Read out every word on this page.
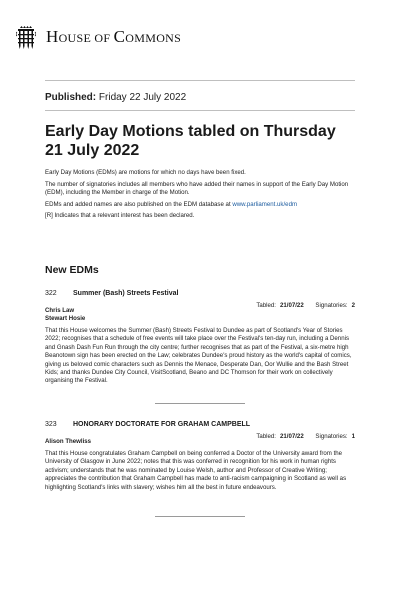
HOUSE OF COMMONS
Published: Friday 22 July 2022
Early Day Motions tabled on Thursday 21 July 2022

Early Day Motions (EDMs) are motions for which no days have been fixed.

The number of signatories includes all members who have added their names in support of the Early Day Motion (EDM), including the Member in charge of the Motion.

EDMs and added names are also published on the EDM database at www.parliament.uk/edm

[R] Indicates that a relevant interest has been declared.

New EDMs
322	Summer (Bash) Streets Festival
Tabled: 21/07/22 Signatories: 2
Chris Law
Stewart Hosie
That this House welcomes the Summer (Bash) Streets Festival to Dundee as part of Scotland's Year of Stories 2022; recognises that a schedule of free events will take place over the Festival's ten-day run, including a Dennis and Gnash Dash Fun Run through the city centre; further recognises that as part of the Festival, a six-metre high Beanotown sign has been erected on the Law; celebrates Dundee's proud history as the world's capital of comics, giving us beloved comic characters such as Dennis the Menace, Desperate Dan, Oor Wullie and the Bash Street Kids; and thanks Dundee City Council, VisitScotland, Beano and DC Thomson for their work on collectively organising the Festival.
323	HONORARY DOCTORATE FOR GRAHAM CAMPBELL
Tabled: 21/07/22 Signatories: 1
Alison Thewliss
That this House congratulates Graham Campbell on being conferred a Doctor of the University award from the University of Glasgow in June 2022; notes that this was conferred in recognition for his work in human rights activism; understands that he was nominated by Louise Welsh, author and Professor of Creative Writing; appreciates the contribution that Graham Campbell has made to anti-racism campaigning in Scotland as well as highlighting Scotland's links with slavery; wishes him all the best in future endeavours.
